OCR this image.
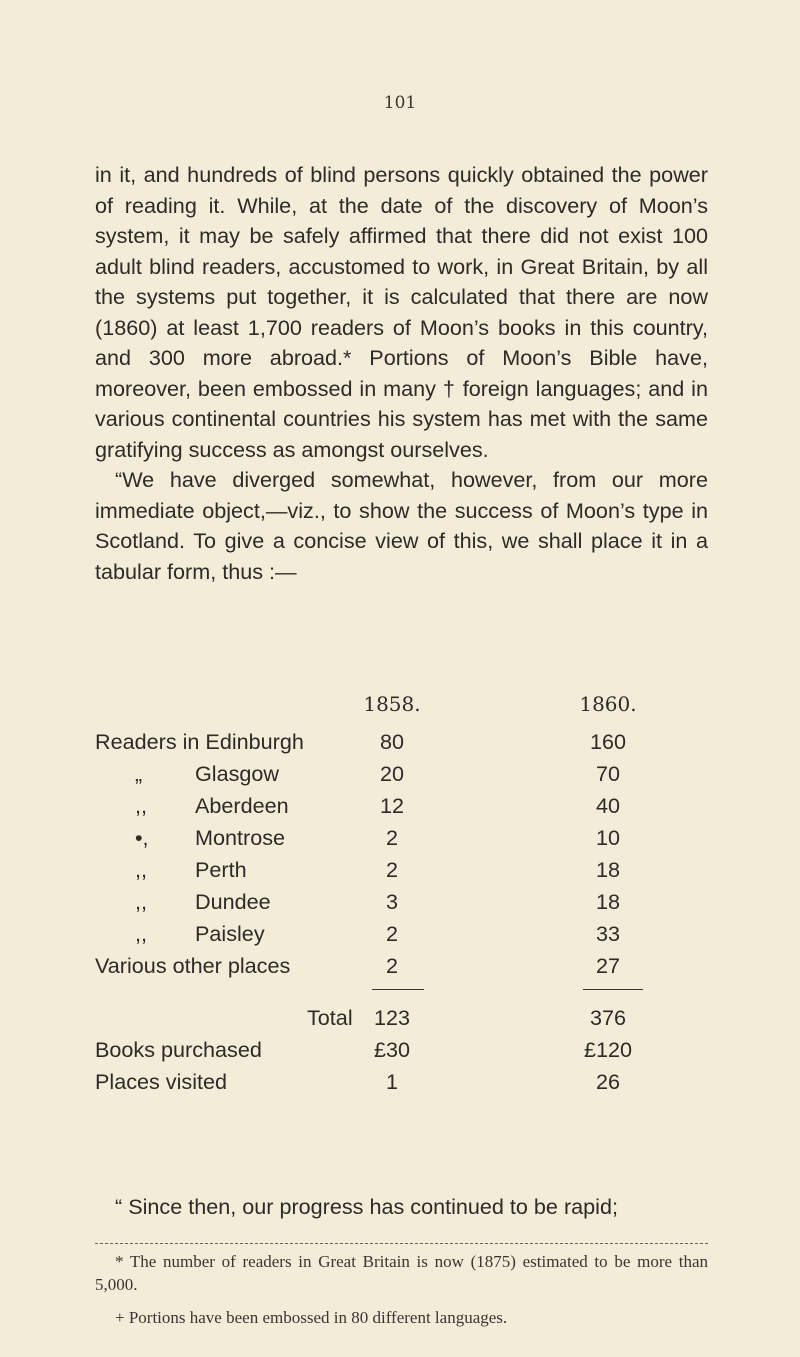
101

in it, and hundreds of blind persons quickly obtained the power of reading it. While, at the date of the discovery of Moon’s system, it may be safely affirmed that there did not exist 100 adult blind readers, accustomed to work, in Great Britain, by all the systems put together, it is calculated that there are now (1860) at least 1,700 readers of Moon’s books in this country, and 300 more abroad.* Portions of Moon’s Bible have, moreover, been embossed in many † foreign languages; and in various continental countries his system has met with the same gratifying success as amongst ourselves.

“We have diverged somewhat, however, from our more immediate object,—viz., to show the success of Moon’s type in Scotland. To give a concise view of this, we shall place it in a tabular form, thus :—

1858.	1860.
Readers in Edinburgh	80	160
„ Glasgow	20	70
,, Aberdeen	12	40
•, Montrose	2	10
,, Perth	2	18
,, Dundee	3	18
,, Paisley	2	33
Various other places	2	27
Total 123	376
Books purchased	£30	£120
Places visited	1	26

“ Since then, our progress has continued to be rapid;

* The number of readers in Great Britain is now (1875) estimated to be more than 5,000.

+ Portions have been embossed in 80 different languages.
